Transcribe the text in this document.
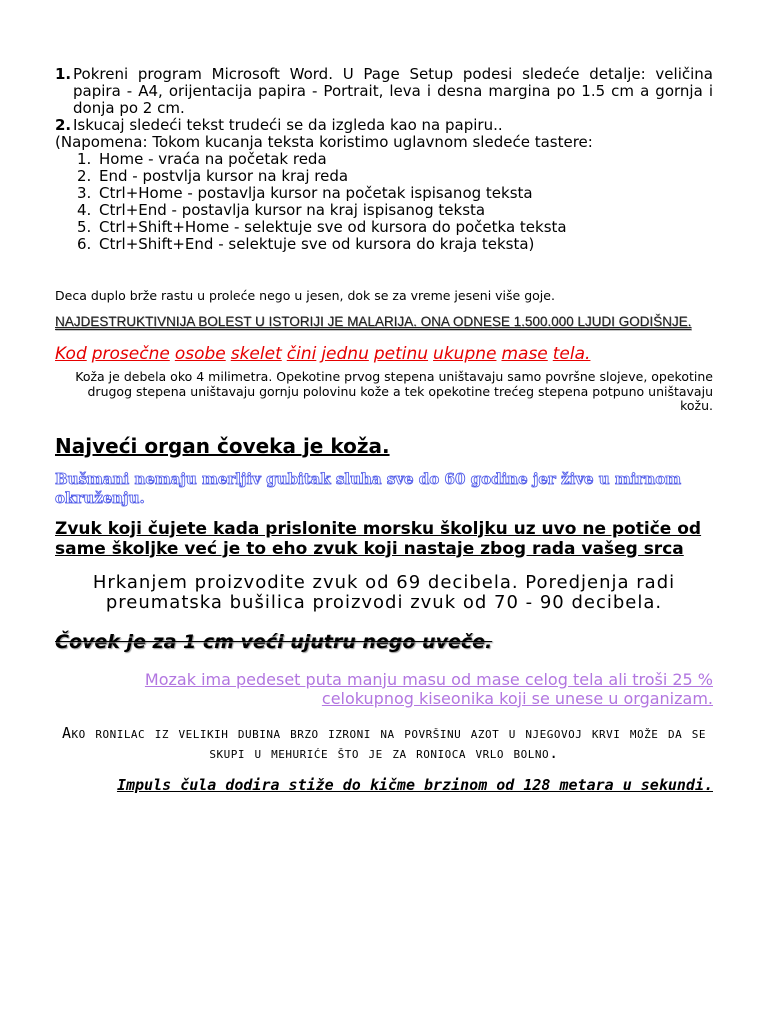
1. Pokreni program Microsoft Word. U Page Setup podesi sledeće detalje: veličina papira - A4, orijentacija papira - Portrait, leva i desna margina po 1.5 cm a gornja i donja po 2 cm.
2. Iskucaj sledeći tekst trudeći se da izgleda kao na papiru..
(Napomena: Tokom kucanja teksta koristimo uglavnom sledeće tastere:
1. Home - vraća na početak reda
2. End - postvlja kursor na kraj reda
3. Ctrl+Home - postavlja kursor na početak ispisanog teksta
4. Ctrl+End - postavlja kursor na kraj ispisanog teksta
5. Ctrl+Shift+Home - selektuje sve od kursora do početka teksta
6. Ctrl+Shift+End - selektuje sve od kursora do kraja teksta)
Deca duplo brže rastu u proleće nego u jesen, dok se za vreme jeseni više goje.
NAJDESTRUKTIVNIJA BOLEST U ISTORIJI JE MALARIJA. ONA ODNESE 1.500.000 LJUDI GODIŠNJE.
Kod prosečne osobe skelet čini jednu petinu ukupne mase tela.
Koža je debela oko 4 milimetra. Opekotine prvog stepena uništavaju samo površne slojeve, opekotine drugog stepena uništavaju gornju polovinu kože a tek opekotine trećeg stepena potpuno uništavaju kožu.
Najveći organ čoveka je koža.
Bušmani nemaju merljiv gubitak sluha sve do 60 godine jer žive u mirnom okruženju.
Zvuk koji čujete kada prislonite morsku školjku uz uvo ne potiče od same školjke već je to eho zvuk koji nastaje zbog rada vašeg srca
Hrkanjem proizvodite zvuk od 69 decibela. Poredjenja radi preumatska bušilica proizvodi zvuk od 70 - 90 decibela.
Čovek je za 1 cm veći ujutru nego uveče.
Mozak ima pedeset puta manju masu od mase celog tela ali troši 25 % celokupnog kiseonika koji se unese u organizam.
Ako ronilac iz velikih dubina brzo izroni na površinu azot u njegovoj krvi može da se skupi u mehuriće što je za ronioca vrlo bolno.
Impuls čula dodira stiže do kičme brzinom od 128 metara u sekundi.
